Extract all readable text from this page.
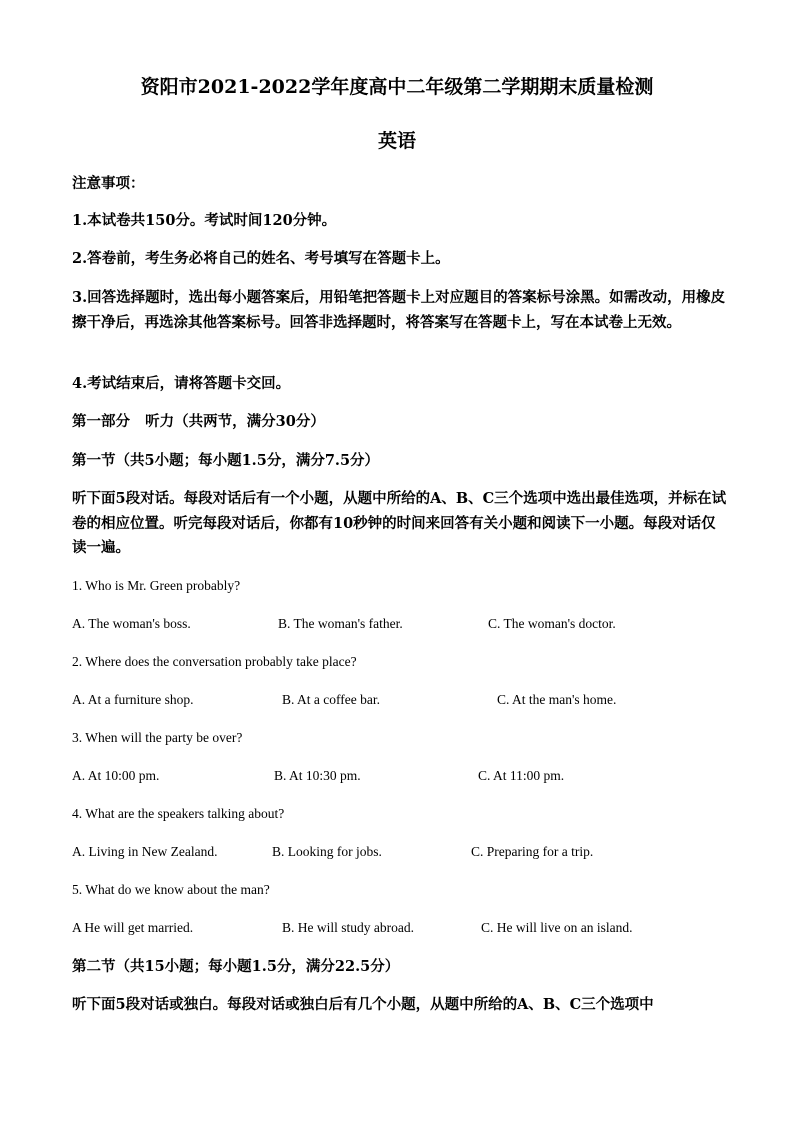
资阳市2021-2022学年度高中二年级第二学期期末质量检测
英语
注意事项：
1.本试卷共150分。考试时间120分钟。
2.答卷前，考生务必将自己的姓名、考号填写在答题卡上。
3.回答选择题时，选出每小题答案后，用铅笔把答题卡上对应题目的答案标号涂黑。如需改动，用橡皮擦干净后，再选涂其他答案标号。回答非选择题时，将答案写在答题卡上，写在本试卷上无效。
4.考试结束后，请将答题卡交回。
第一部分   听力（共两节，满分30分）
第一节（共5小题；每小题1.5分，满分7.5分）
听下面5段对话。每段对话后有一个小题，从题中所给的A、B、C三个选项中选出最佳选项，并标在试卷的相应位置。听完每段对话后，你都有10秒钟的时间来回答有关小题和阅读下一小题。每段对话仅读一遍。
1. Who is Mr. Green probably?
A. The woman's boss.	B. The woman's father.	C. The woman's doctor.
2. Where does the conversation probably take place?
A. At a furniture shop.	B. At a coffee bar.	C. At the man's home.
3. When will the party be over?
A. At 10:00 pm.	B. At 10:30 pm.	C. At 11:00 pm.
4. What are the speakers talking about?
A. Living in New Zealand.	B. Looking for jobs.	C. Preparing for a trip.
5. What do we know about the man?
A He will get married.	B. He will study abroad.	C. He will live on an island.
第二节（共15小题；每小题1.5分，满分22.5分）
听下面5段对话或独白。每段对话或独白后有几个小题，从题中所给的A、B、C三个选项中
